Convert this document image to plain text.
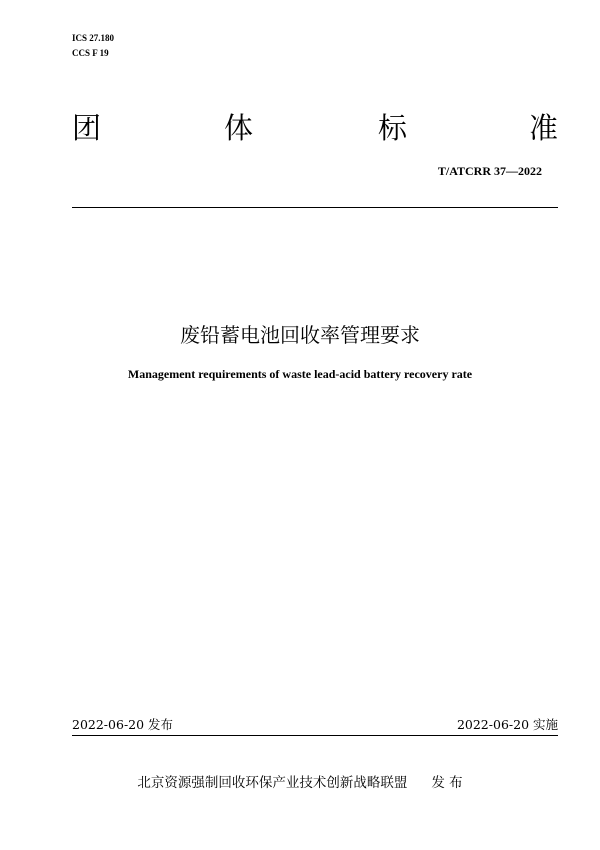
ICS 27.180
CCS F 19
团	体	标	准
T/ATCRR 37—2022
废铅蓄电池回收率管理要求
Management requirements of waste lead-acid battery recovery rate
2022-06-20 发布	2022-06-20 实施
北京资源强制回收环保产业技术创新战略联盟 发 布
